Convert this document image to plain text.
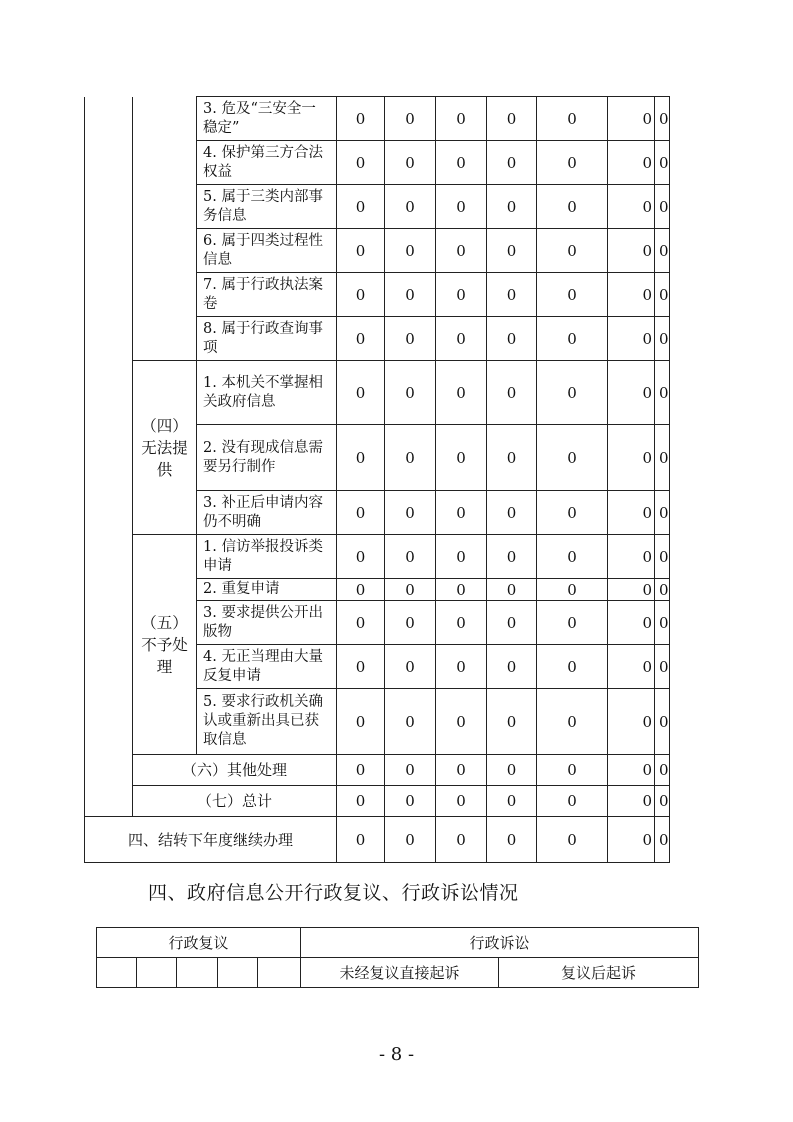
		3. 危及“三安全一稳定”	0	0	0	0	0	0	0
		4. 保护第三方合法权益	0	0	0	0	0	0	0
		5. 属于三类内部事务信息	0	0	0	0	0	0	0
		6. 属于四类过程性信息	0	0	0	0	0	0	0
		7. 属于行政执法案卷	0	0	0	0	0	0	0
		8. 属于行政查询事项	0	0	0	0	0	0	0
	（四）无法提供	1. 本机关不掌握相关政府信息	0	0	0	0	0	0	0
		2. 没有现成信息需要另行制作	0	0	0	0	0	0	0
		3. 补正后申请内容仍不明确	0	0	0	0	0	0	0
	（五）不予处理	1. 信访举报投诉类申请	0	0	0	0	0	0	0
		2. 重复申请	0	0	0	0	0	0	0
		3. 要求提供公开出版物	0	0	0	0	0	0	0
		4. 无正当理由大量反复申请	0	0	0	0	0	0	0
		5. 要求行政机关确认或重新出具已获取信息	0	0	0	0	0	0	0
	（六）其他处理		0	0	0	0	0	0	0
	（七）总计		0	0	0	0	0	0	0
四、结转下年度继续办理			0	0	0	0	0	0	0
四、政府信息公开行政复议、行政诉讼情况
行政复议					行政诉讼	
					未经复议直接起诉	复议后起诉
- 8 -
